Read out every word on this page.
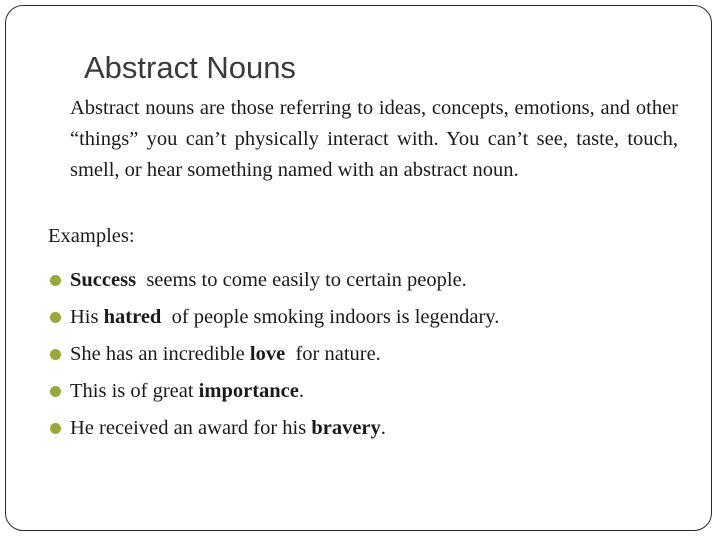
Abstract Nouns

Abstract nouns are those referring to ideas, concepts, emotions, and other “things” you can’t physically interact with. You can’t see, taste, touch, smell, or hear something named with an abstract noun.

Examples:
Success seems to come easily to certain people.
His hatred of people smoking indoors is legendary.
She has an incredible love for nature.
This is of great importance .
He received an award for his bravery .
